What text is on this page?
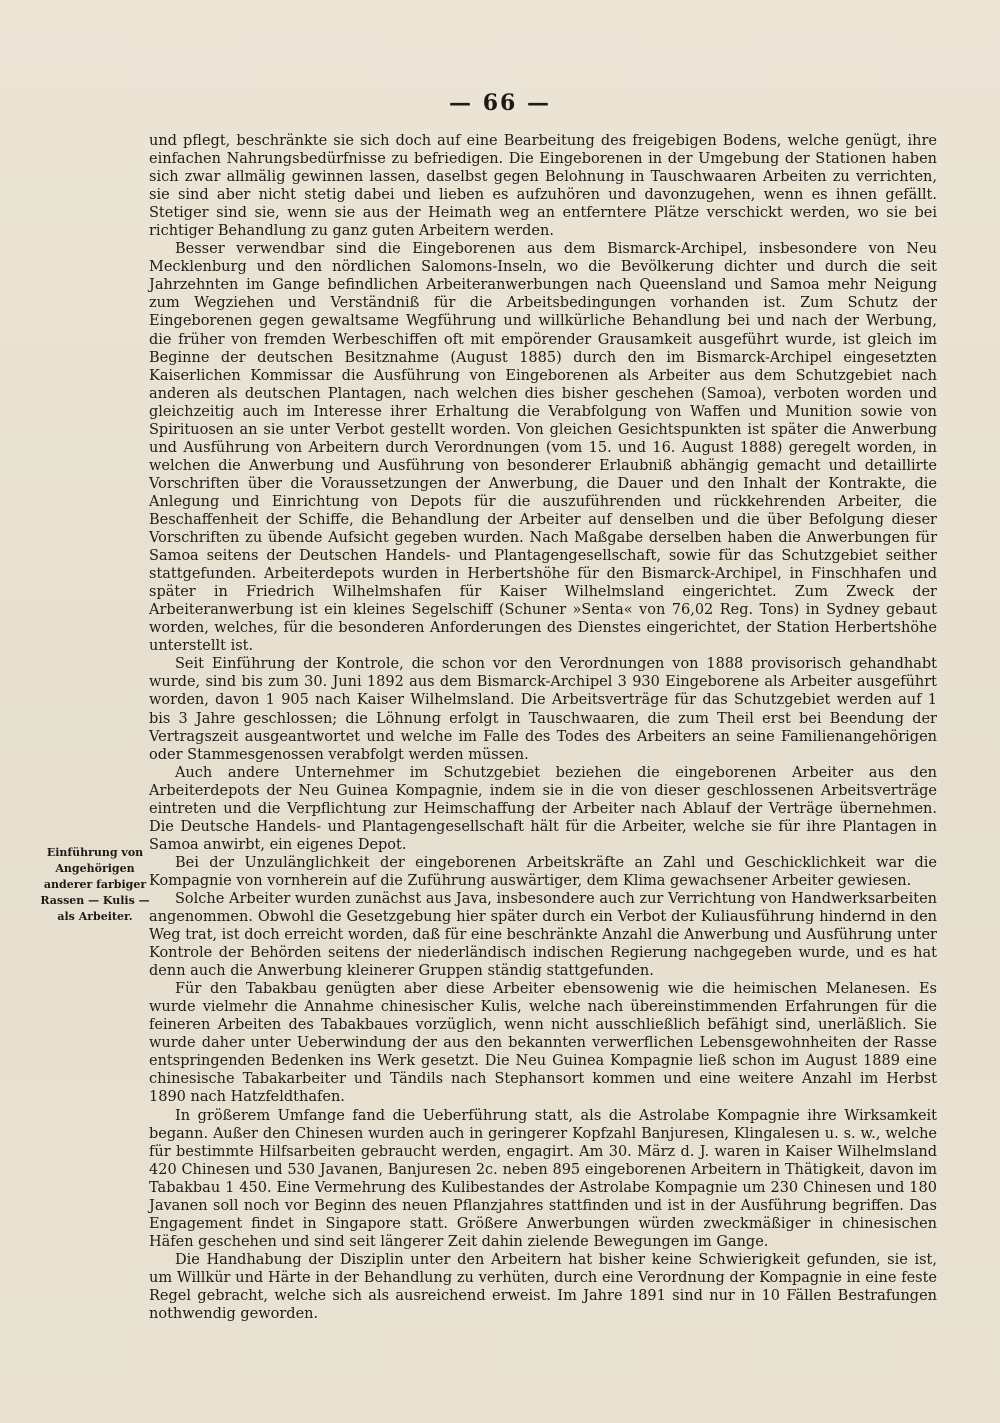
— 66 —
Einführung von Angehörigen anderer farbiger Rassen — Kulis — als Arbeiter.

und pflegt, beschränkte sie sich doch auf eine Bearbeitung des freigebigen Bodens, welche genügt, ihre einfachen Nahrungsbedürfnisse zu befriedigen. Die Eingeborenen in der Umgebung der Stationen haben sich zwar allmälig gewinnen lassen, daselbst gegen Belohnung in Tauschwaaren Arbeiten zu verrichten, sie sind aber nicht stetig dabei und lieben es aufzuhören und davonzugehen, wenn es ihnen gefällt. Stetiger sind sie, wenn sie aus der Heimath weg an entferntere Plätze verschickt werden, wo sie bei richtiger Behandlung zu ganz guten Arbeitern werden.

Besser verwendbar sind die Eingeborenen aus dem Bismarck-Archipel, insbesondere von Neu Mecklenburg und den nördlichen Salomons-Inseln, wo die Bevölkerung dichter und durch die seit Jahrzehnten im Gange befindlichen Arbeiteranwerbungen nach Queensland und Samoa mehr Neigung zum Wegziehen und Verständniß für die Arbeitsbedingungen vorhanden ist. Zum Schutz der Eingeborenen gegen gewaltsame Wegführung und willkürliche Behandlung bei und nach der Werbung, die früher von fremden Werbeschiffen oft mit empörender Grausamkeit ausgeführt wurde, ist gleich im Beginne der deutschen Besitznahme (August 1885) durch den im Bismarck-Archipel eingesetzten Kaiserlichen Kommissar die Ausführung von Eingeborenen als Arbeiter aus dem Schutzgebiet nach anderen als deutschen Plantagen, nach welchen dies bisher geschehen (Samoa), verboten worden und gleichzeitig auch im Interesse ihrer Erhaltung die Verabfolgung von Waffen und Munition sowie von Spirituosen an sie unter Verbot gestellt worden. Von gleichen Gesichtspunkten ist später die Anwerbung und Ausführung von Arbeitern durch Verordnungen (vom 15. und 16. August 1888) geregelt worden, in welchen die Anwerbung und Ausführung von besonderer Erlaubniß abhängig gemacht und detaillirte Vorschriften über die Voraussetzungen der Anwerbung, die Dauer und den Inhalt der Kontrakte, die Anlegung und Einrichtung von Depots für die auszuführenden und rückkehrenden Arbeiter, die Beschaffenheit der Schiffe, die Behandlung der Arbeiter auf denselben und die über Befolgung dieser Vorschriften zu übende Aufsicht gegeben wurden. Nach Maßgabe derselben haben die Anwerbungen für Samoa seitens der Deutschen Handels- und Plantagengesellschaft, sowie für das Schutzgebiet seither stattgefunden. Arbeiterdepots wurden in Herbertshöhe für den Bismarck-Archipel, in Finschhafen und später in Friedrich Wilhelmshafen für Kaiser Wilhelmsland eingerichtet. Zum Zweck der Arbeiteranwerbung ist ein kleines Segelschiff (Schuner »Senta« von 76,02 Reg. Tons) in Sydney gebaut worden, welches, für die besonderen Anforderungen des Dienstes eingerichtet, der Station Herbertshöhe unterstellt ist.

Seit Einführung der Kontrole, die schon vor den Verordnungen von 1888 provisorisch gehandhabt wurde, sind bis zum 30. Juni 1892 aus dem Bismarck-Archipel 3 930 Eingeborene als Arbeiter ausgeführt worden, davon 1 905 nach Kaiser Wilhelmsland. Die Arbeitsverträge für das Schutzgebiet werden auf 1 bis 3 Jahre geschlossen; die Löhnung erfolgt in Tauschwaaren, die zum Theil erst bei Beendung der Vertragszeit ausgeantwortet und welche im Falle des Todes des Arbeiters an seine Familienangehörigen oder Stammesgenossen verabfolgt werden müssen.

Auch andere Unternehmer im Schutzgebiet beziehen die eingeborenen Arbeiter aus den Arbeiterdepots der Neu Guinea Kompagnie, indem sie in die von dieser geschlossenen Arbeitsverträge eintreten und die Verpflichtung zur Heimschaffung der Arbeiter nach Ablauf der Verträge übernehmen. Die Deutsche Handels- und Plantagengesellschaft hält für die Arbeiter, welche sie für ihre Plantagen in Samoa anwirbt, ein eigenes Depot.

Bei der Unzulänglichkeit der eingeborenen Arbeitskräfte an Zahl und Geschicklichkeit war die Kompagnie von vornherein auf die Zuführung auswärtiger, dem Klima gewachsener Arbeiter gewiesen.

Solche Arbeiter wurden zunächst aus Java, insbesondere auch zur Verrichtung von Handwerksarbeiten angenommen. Obwohl die Gesetzgebung hier später durch ein Verbot der Kuliausführung hindernd in den Weg trat, ist doch erreicht worden, daß für eine beschränkte Anzahl die Anwerbung und Ausführung unter Kontrole der Behörden seitens der niederländisch indischen Regierung nachgegeben wurde, und es hat denn auch die Anwerbung kleinerer Gruppen ständig stattgefunden.

Für den Tabakbau genügten aber diese Arbeiter ebensowenig wie die heimischen Melanesen. Es wurde vielmehr die Annahme chinesischer Kulis, welche nach übereinstimmenden Erfahrungen für die feineren Arbeiten des Tabakbaues vorzüglich, wenn nicht ausschließlich befähigt sind, unerläßlich. Sie wurde daher unter Ueberwindung der aus den bekannten verwerflichen Lebensgewohnheiten der Rasse entspringenden Bedenken ins Werk gesetzt. Die Neu Guinea Kompagnie ließ schon im August 1889 eine chinesische Tabakarbeiter und Tändils nach Stephansort kommen und eine weitere Anzahl im Herbst 1890 nach Hatzfeldthafen.

In größerem Umfange fand die Ueberführung statt, als die Astrolabe Kompagnie ihre Wirksamkeit begann. Außer den Chinesen wurden auch in geringerer Kopfzahl Banjuresen, Klingalesen u. s. w., welche für bestimmte Hilfsarbeiten gebraucht werden, engagirt. Am 30. März d. J. waren in Kaiser Wilhelmsland 420 Chinesen und 530 Javanen, Banjuresen 2c. neben 895 eingeborenen Arbeitern in Thätigkeit, davon im Tabakbau 1 450. Eine Vermehrung des Kulibestandes der Astrolabe Kompagnie um 230 Chinesen und 180 Javanen soll noch vor Beginn des neuen Pflanzjahres stattfinden und ist in der Ausführung begriffen. Das Engagement findet in Singapore statt. Größere Anwerbungen würden zweckmäßiger in chinesischen Häfen geschehen und sind seit längerer Zeit dahin zielende Bewegungen im Gange.

Die Handhabung der Disziplin unter den Arbeitern hat bisher keine Schwierigkeit gefunden, sie ist, um Willkür und Härte in der Behandlung zu verhüten, durch eine Verordnung der Kompagnie in eine feste Regel gebracht, welche sich als ausreichend erweist. Im Jahre 1891 sind nur in 10 Fällen Bestrafungen nothwendig geworden.
